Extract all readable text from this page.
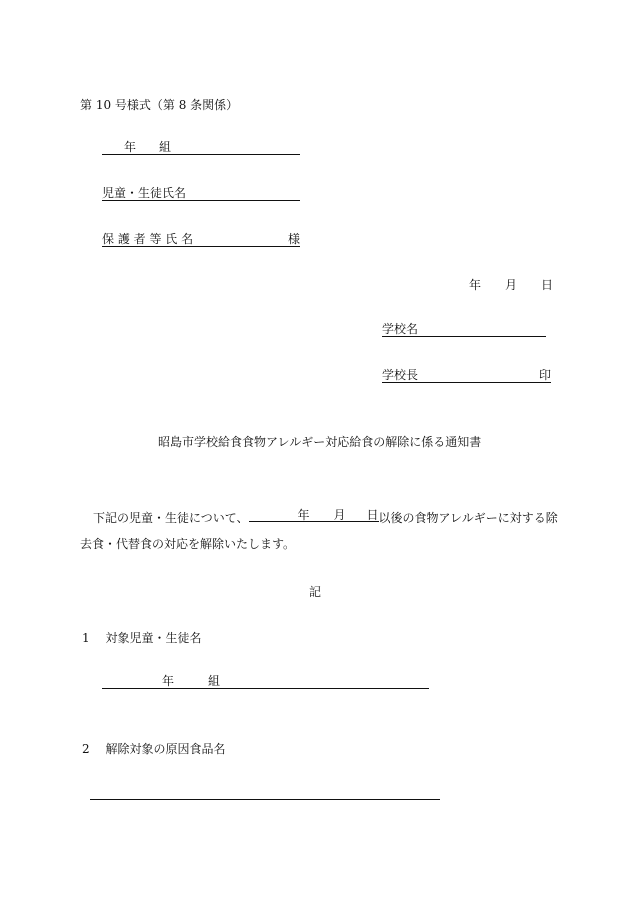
第 10 号様式（第 8 条関係）
年 組
児童・生徒氏名
保 護 者 等 氏 名	様
年 月 日
学校名
学校長	印
昭島市学校給食食物アレルギー対応給食の解除に係る通知書
下記の児童・生徒について、	年 月 日 以後の食物アレルギーに対する除
去食・代替食の対応を解除いたします。
記
1 対象児童・生徒名
年	組
2 解除対象の原因食品名
